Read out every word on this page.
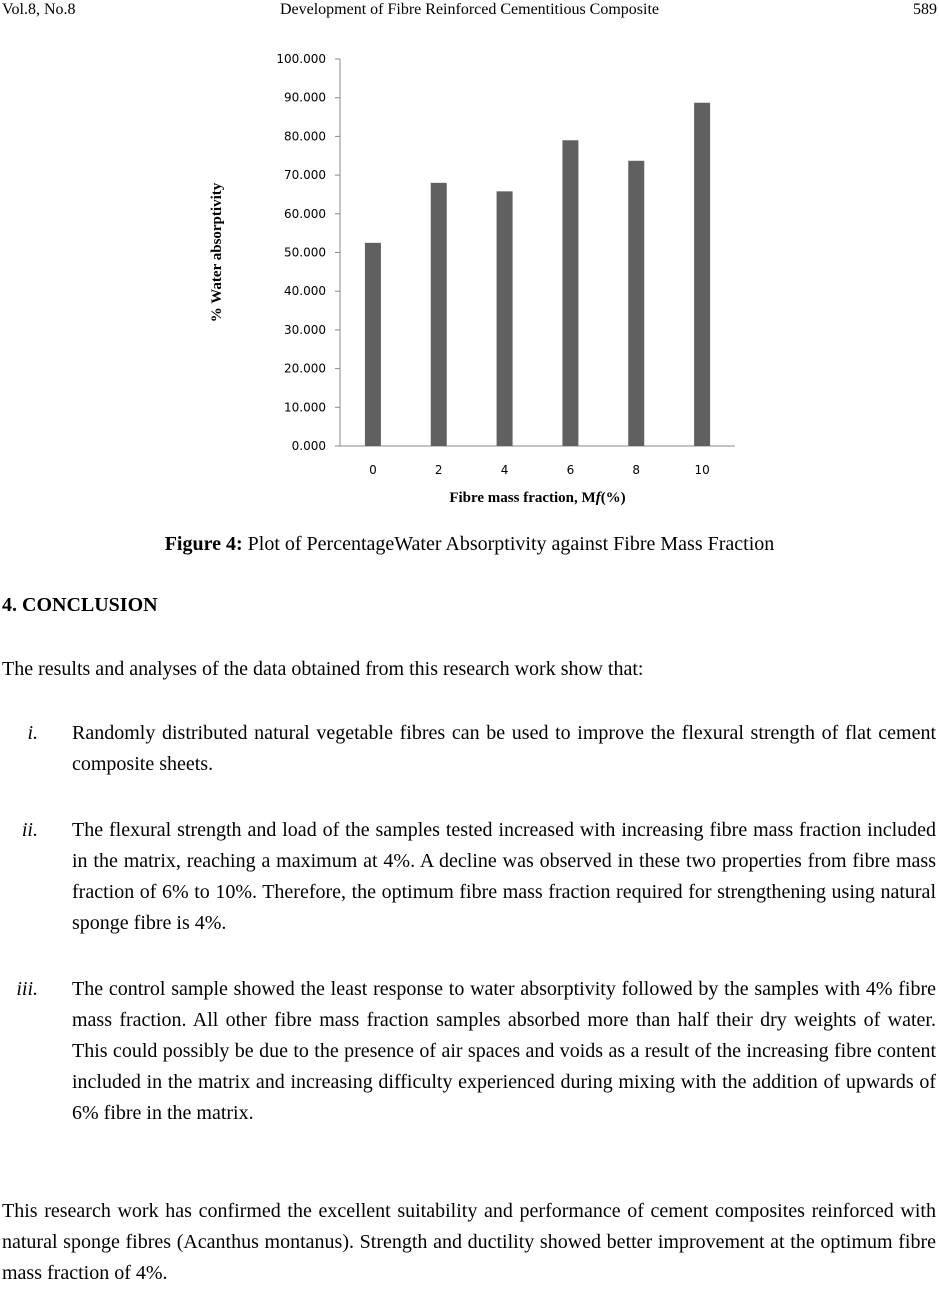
Vol.8, No.8	Development of Fibre Reinforced Cementitious Composite	589
0.000
10.000
20.000
30.000
40.000
50.000
60.000
70.000
80.000
90.000
100.000
0	2	4	6	8	10
% Water absorptivity
Fibre mass fraction, Mf(%)
Figure 4: Plot of PercentageWater Absorptivity against Fibre Mass Fraction
4. CONCLUSION
The results and analyses of the data obtained from this research work show that:
i. Randomly distributed natural vegetable fibres can be used to improve the flexural strength of flat cement composite sheets.
ii. The flexural strength and load of the samples tested increased with increasing fibre mass fraction included in the matrix, reaching a maximum at 4%. A decline was observed in these two properties from fibre mass fraction of 6% to 10%. Therefore, the optimum fibre mass fraction required for strengthening using natural sponge fibre is 4%.
iii. The control sample showed the least response to water absorptivity followed by the samples with 4% fibre mass fraction. All other fibre mass fraction samples absorbed more than half their dry weights of water. This could possibly be due to the presence of air spaces and voids as a result of the increasing fibre content included in the matrix and increasing difficulty experienced during mixing with the addition of upwards of 6% fibre in the matrix.
This research work has confirmed the excellent suitability and performance of cement composites reinforced with natural sponge fibres (Acanthus montanus). Strength and ductility showed better improvement at the optimum fibre mass fraction of 4%.
